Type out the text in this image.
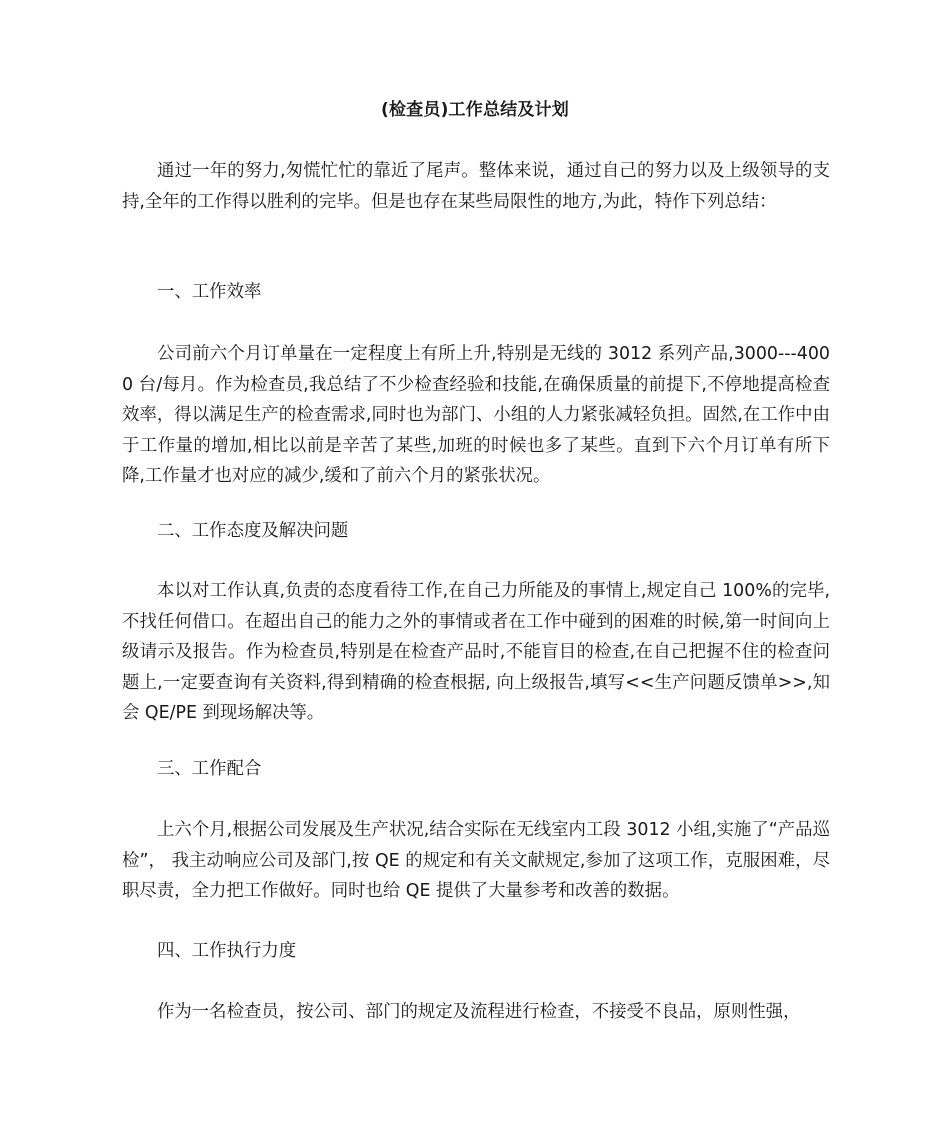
(检查员)工作总结及计划

通过一年的努力,匆慌忙忙的靠近了尾声。整体来说，通过自己的努力以及上级领导的支持,全年的工作得以胜利的完毕。但是也存在某些局限性的地方,为此，特作下列总结：

一、工作效率

公司前六个月订单量在一定程度上有所上升,特别是无线的 3012 系列产品,3000---4000 台/每月。作为检查员,我总结了不少检查经验和技能,在确保质量的前提下,不停地提高检查效率，得以满足生产的检查需求,同时也为部门、小组的人力紧张减轻负担。固然,在工作中由于工作量的增加,相比以前是辛苦了某些,加班的时候也多了某些。直到下六个月订单有所下降,工作量才也对应的减少,缓和了前六个月的紧张状况。

二、工作态度及解决问题

本以对工作认真,负责的态度看待工作,在自己力所能及的事情上,规定自己 100%的完毕,不找任何借口。在超出自己的能力之外的事情或者在工作中碰到的困难的时候,第一时间向上级请示及报告。作为检查员,特别是在检查产品时,不能盲目的检查,在自己把握不住的检查问题上,一定要查询有关资料,得到精确的检查根据, 向上级报告,填写<<生产问题反馈单>>,知会 QE/PE 到现场解决等。

三、工作配合

上六个月,根据公司发展及生产状况,结合实际在无线室内工段 3012 小组,实施了“产品巡检”， 我主动响应公司及部门,按 QE 的规定和有关文献规定,参加了这项工作，克服困难，尽职尽责，全力把工作做好。同时也给 QE 提供了大量参考和改善的数据。

四、工作执行力度

作为一名检查员，按公司、部门的规定及流程进行检查，不接受不良品，原则性强，
